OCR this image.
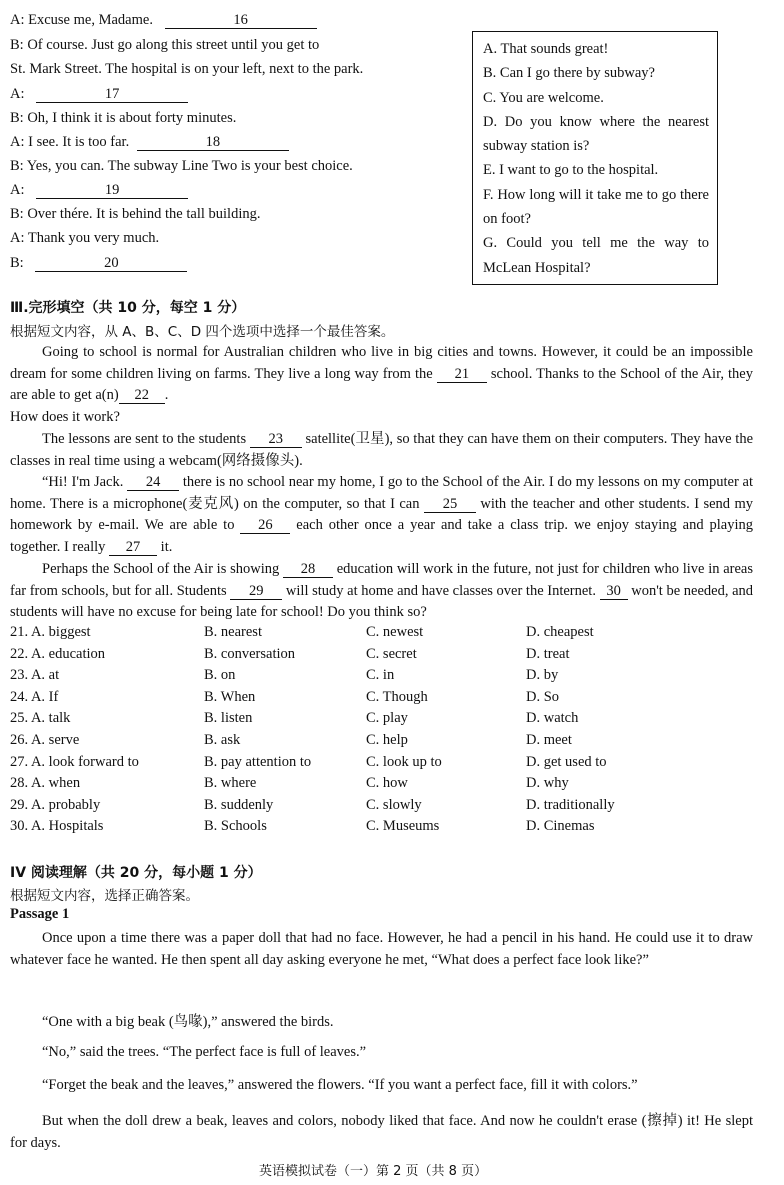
A: Excuse me, Madame.	16
B: Of course. Just go along this street until you get to
St. Mark Street. The hospital is on your left, next to the park.
A:	17
B: Oh, I think it is about forty minutes.
A: I see. It is too far.	18
B: Yes, you can. The subway Line Two is your best choice.
A:	19
B: Over thére. It is behind the tall building.
A: Thank you very much.
B:	20
A. That sounds great!
B. Can I go there by subway?
C. You are welcome.
D. Do you know where the nearest subway station is?
E. I want to go to the hospital.
F. How long will it take me to go there on foot?
G. Could you tell me the way to McLean Hospital?
Ⅲ.完形填空（共 10 分，每空 1 分）
根据短文内容，从 A、B、C、D 四个选项中选择一个最佳答案。
Going to school is normal for Australian children who live in big cities and towns. However, it could be an impossible dream for some children living on farms. They live a long way from the 21 school. Thanks to the School of the Air, they are able to get a(n) 22 .
How does it work?
The lessons are sent to the students 23 satellite(卫星), so that they can have them on their computers. They have the classes in real time using a webcam(网络摄像头).
“Hi! I'm Jack. 24 there is no school near my home, I go to the School of the Air. I do my lessons on my computer at home. There is a microphone(麦克风) on the computer, so that I can 25 with the teacher and other students. I send my homework by e-mail. We are able to 26 each other once a year and take a class trip. we enjoy staying and playing together. I really 27 it.
Perhaps the School of the Air is showing 28 education will work in the future, not just for children who live in areas far from schools, but for all. Students 29 will study at home and have classes over the Internet. 30 won't be needed, and students will have no excuse for being late for school! Do you think so?
21. A. biggest	B. nearest	C. newest	D. cheapest
22. A. education	B. conversation	C. secret	D. treat
23. A. at	B. on	C. in	D. by
24. A. If	B. When	C. Though	D. So
25. A. talk	B. listen	C. play	D. watch
26. A. serve	B. ask	C. help	D. meet
27. A. look forward to	B. pay attention to	C. look up to	D. get used to
28. A. when	B. where	C. how	D. why
29. A. probably	B. suddenly	C. slowly	D. traditionally
30. A. Hospitals	B. Schools	C. Museums	D. Cinemas
IV 阅读理解（共 20 分，每小题 1 分）
根据短文内容，选择正确答案。
Passage 1
Once upon a time there was a paper doll that had no face. However, he had a pencil in his hand. He could use it to draw whatever face he wanted. He then spent all day asking everyone he met, “What does a perfect face look like?”
“One with a big beak (鸟喙),” answered the birds.
“No,” said the trees. “The perfect face is full of leaves.”
“Forget the beak and the leaves,” answered the flowers. “If you want a perfect face, fill it with colors.”
But when the doll drew a beak, leaves and colors, nobody liked that face. And now he couldn't erase (擦掉) it! He slept for days.
英语模拟试卷（一）第 2 页（共 8 页）
